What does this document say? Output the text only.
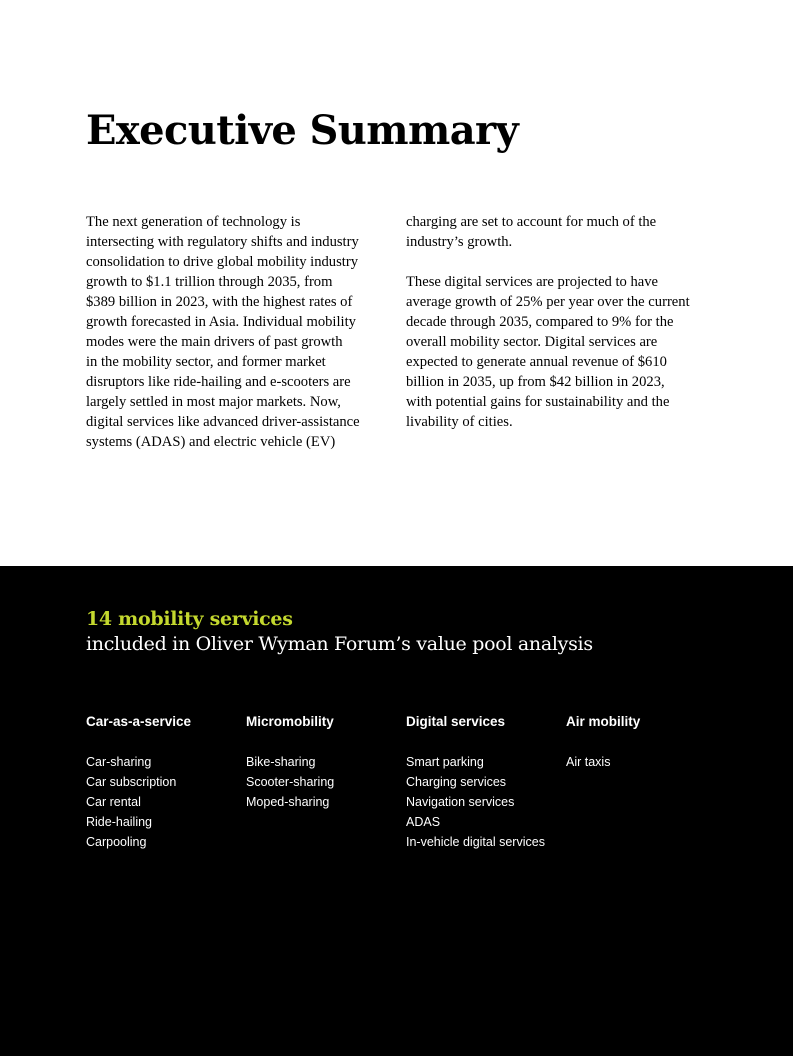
Executive Summary

The next generation of technology is
intersecting with regulatory shifts and industry
consolidation to drive global mobility industry
growth to $1.1 trillion through 2035, from
$389 billion in 2023, with the highest rates of
growth forecasted in Asia. Individual mobility
modes were the main drivers of past growth
in the mobility sector, and former market
disruptors like ride-hailing and e-scooters are
largely settled in most major markets. Now,
digital services like advanced driver-assistance
systems (ADAS) and electric vehicle (EV)

charging are set to account for much of the
industry’s growth.

These digital services are projected to have
average growth of 25% per year over the current
decade through 2035, compared to 9% for the
overall mobility sector. Digital services are
expected to generate annual revenue of $610
billion in 2035, up from $42 billion in 2023,
with potential gains for sustainability and the
livability of cities.

14 mobility services
included in Oliver Wyman Forum’s value pool analysis
Car-as-a-service
Car-sharing
Car subscription
Car rental
Ride-hailing
Carpooling
Micromobility
Bike-sharing
Scooter-sharing
Moped-sharing
Digital services
Smart parking
Charging services
Navigation services
ADAS
In-vehicle digital services
Air mobility
Air taxis
